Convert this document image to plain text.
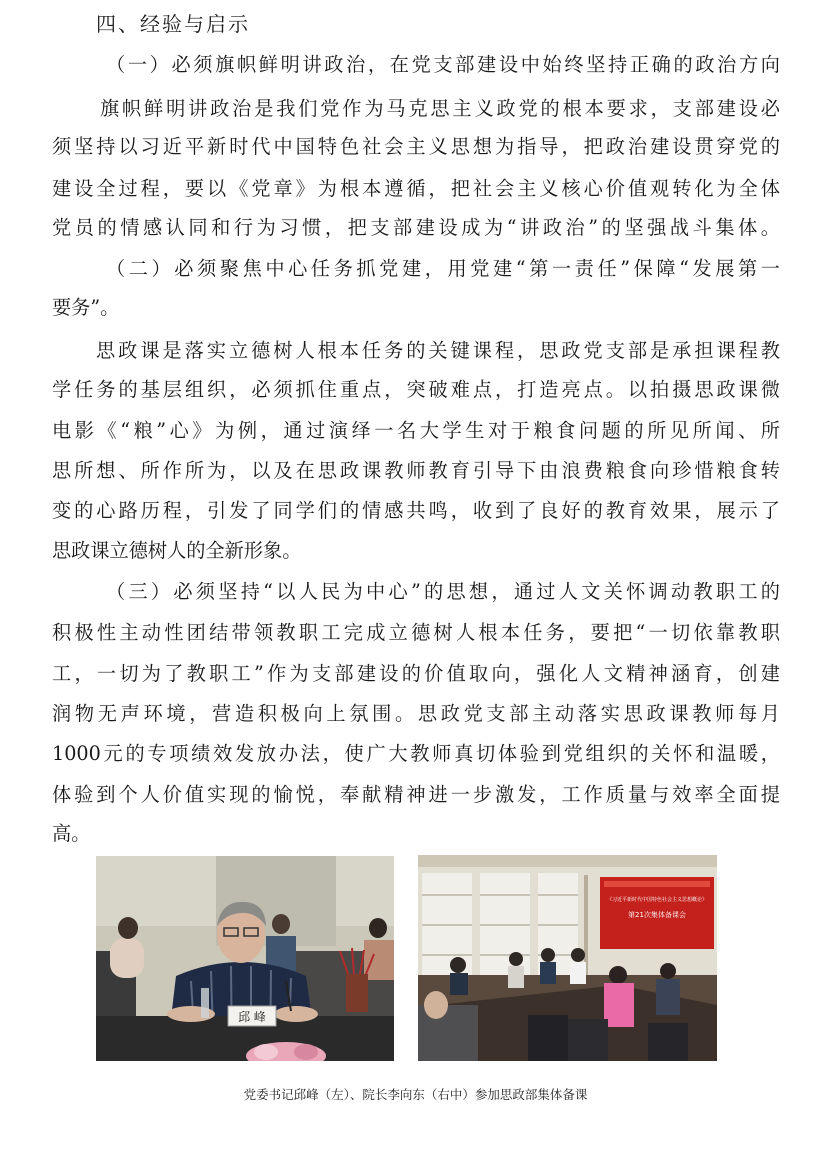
四、经验与启示
（一）必须旗帜鲜明讲政治，在党支部建设中始终坚持正确的政治方向
旗帜鲜明讲政治是我们党作为马克思主义政党的根本要求，支部建设必
须坚持以习近平新时代中国特色社会主义思想为指导，把政治建设贯穿党的
建设全过程，要以《党章》为根本遵循，把社会主义核心价值观转化为全体
党员的情感认同和行为习惯，把支部建设成为“讲政治”的坚强战斗集体。
（二）必须聚焦中心任务抓党建，用党建“第一责任”保障“发展第一
要务”。
思政课是落实立德树人根本任务的关键课程，思政党支部是承担课程教
学任务的基层组织，必须抓住重点，突破难点，打造亮点。以拍摄思政课微
电影《“粮”心》为例，通过演绎一名大学生对于粮食问题的所见所闻、所
思所想、所作所为，以及在思政课教师教育引导下由浪费粮食向珍惜粮食转
变的心路历程，引发了同学们的情感共鸣，收到了良好的教育效果，展示了
思政课立德树人的全新形象。
（三）必须坚持“以人民为中心”的思想，通过人文关怀调动教职工的
积极性主动性团结带领教职工完成立德树人根本任务，要把“一切依靠教职
工，一切为了教职工”作为支部建设的价值取向，强化人文精神涵育，创建
润物无声环境，营造积极向上氛围。思政党支部主动落实思政课教师每月
1000元的专项绩效发放办法，使广大教师真切体验到党组织的关怀和温暖，
体验到个人价值实现的愉悦，奉献精神进一步激发，工作质量与效率全面提
高。
邱 峰
《习近平新时代中国特色社会主义思想概论》
第21次集体备课会
党委书记邱峰（左）、院长李向东（右中）参加思政部集体备课
